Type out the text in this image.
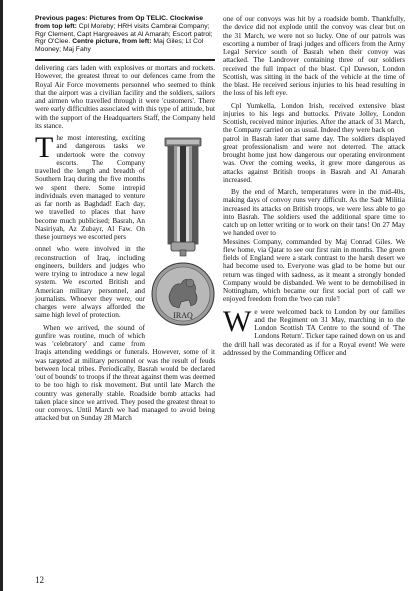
Previous pages: Pictures from Op TELIC. Clockwise from top left: Cpl Moreby; HRH visits Cambrai Company; Rgr Clement, Capt Hargreaves at Al Amarah; Escort patrol; Rgr O'Clee. Centre picture, from left: Maj Giles; Lt Col Mooney; Maj Fahy

delivering cars laden with explosives or mortars and rockets. However, the greatest threat to our defences came from the Royal Air Force movements personnel who seemed to think that the airport was a civilian facility and the soldiers, sailors and airmen who travelled through it were 'customers'. There were early difficulties associated with this type of attitude, but with the support of the Headquarters Staff, the Company held its stance.

IRAQ
T he most interesting, exciting and dangerous tasks we undertook were the convoy escorts. The Company travelled the length and breadth of Southern Iraq during the five months we spent there. Some intrepid individuals even managed to venture as far north as Baghdad! Each day, we travelled to places that have become much publicised; Basrah, An Nasiriyah, Az Zubayr, Al Faw. On these journeys we escorted pers

onnel who were involved in the reconstruction of Iraq, including engineers, builders and judges who were trying to introduce a new legal system. We escorted British and American military personnel, and journalists. Whoever they were, our charges were always afforded the same high level of protection.

When we arrived, the sound of gunfire was routine, much of which was 'celebratory' and came from Iraqis attending weddings or funerals. However, some of it was targeted at military personnel or was the result of feuds between local tribes. Periodically, Basrah would be declared 'out of bounds' to troops if the threat against them was deemed to be too high to risk movement. But until late March the country was generally stable. Roadside bomb attacks had taken place since we arrived. They posed the greatest threat to our convoys. Until March we had managed to avoid being attacked but on Sunday 28 March

one of our convoys was hit by a roadside bomb. Thankfully, the device did not explode until the convoy was clear but on the 31 March, we were not so lucky. One of our patrols was escorting a number of Iraqi judges and officers from the Army Legal Service south of Basrah when their convoy was attacked. The Landrover containing three of our soldiers received the full impact of the blast. Cpl Dawson, London Scottish, was sitting in the back of the vehicle at the time of the blast. He received serious injuries to his head resulting in the loss of his left eye.

Cpl Yumkella, London Irish, received extensive blast injuries to his legs and buttocks. Private Jolley, London Scottish, received minor injuries. After the attack of 31 March, the Company carried on as usual. Indeed they were back on

patrol in Basrah later that same day. The soldiers displayed great professionalism and were not deterred. The attack brought home just how dangerous our operating environment was. Over the coming weeks, it grew more dangerous as attacks against British troops in Basrah and Al Amarah increased.

By the end of March, temperatures were in the mid-40s, making days of convoy runs very difficult. As the Sadr Militia increased its attacks on British troops, we were less able to go into Basrah. The soldiers used the additional spare time to catch up on letter writing or to work on their tans! On 27 May we handed over to

Messines Company, commanded by Maj Conrad Giles. We flew home, via Qatar to see our first rain in months. The green fields of England were a stark contrast to the harsh desert we had become used to. Everyone was glad to be home but our return was tinged with sadness, as it meant a strongly bonded Company would be disbanded. We went to be demobilised in Nottingham, which became our first social port of call we enjoyed freedom from the 'two can rule'!

W e were welcomed back to London by our families and the Regiment on 31 May, marching in to the London Scottish TA Centre to the sound of 'The Londons Return'. Ticker tape rained down on us and the drill hall was decorated as if for a Royal event! We were addressed by the Commanding Officer and

12
